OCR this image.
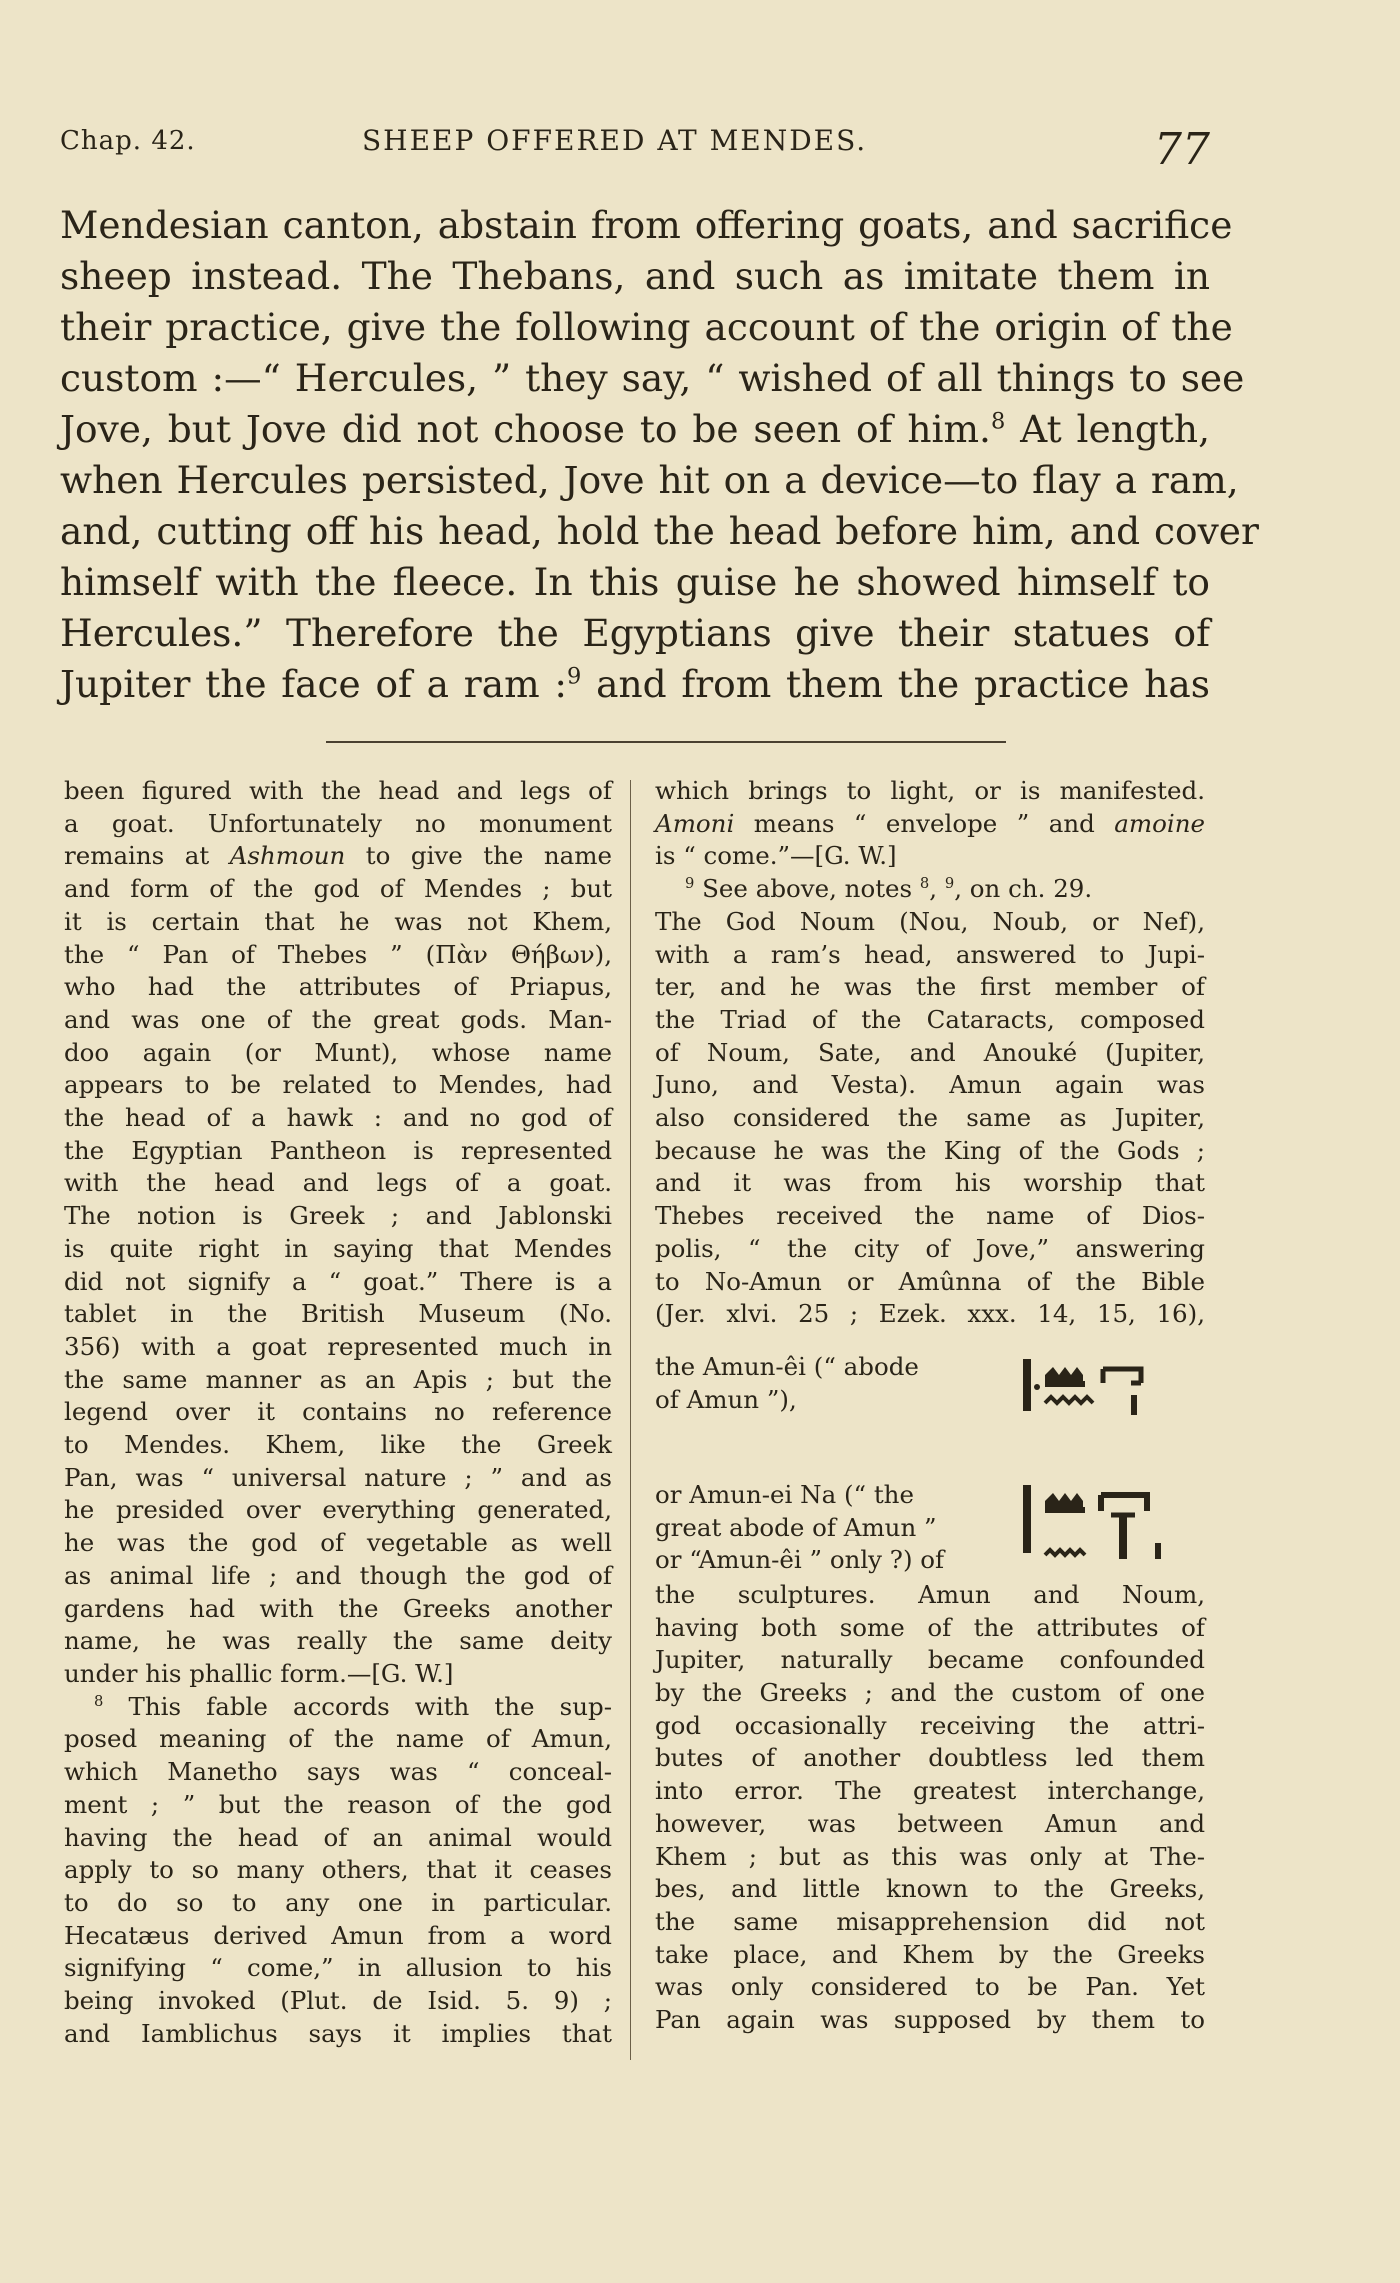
Chap. 42.	SHEEP OFFERED AT MENDES.	77
Mendesian canton, abstain from offering goats, and sacrifice
sheep instead. The Thebans, and such as imitate them in
their practice, give the following account of the origin of the
custom :—“ Hercules, ” they say, “ wished of all things to see
Jove, but Jove did not choose to be seen of him.$^8$ At length,
when Hercules persisted, Jove hit on a device—to flay a ram,
and, cutting off his head, hold the head before him, and cover
himself with the fleece. In this guise he showed himself to
Hercules.” Therefore the Egyptians give their statues of
Jupiter the face of a ram :$^9$ and from them the practice has
been figured with the head and legs of
a goat. Unfortunately no monument
remains at Ashmoun to give the name
and form of the god of Mendes ; but
it is certain that he was not Khem,
the “ Pan of Thebes ” (Πὰν Θήβων),
who had the attributes of Priapus,
and was one of the great gods. Man-
doo again (or Munt), whose name
appears to be related to Mendes, had
the head of a hawk : and no god of
the Egyptian Pantheon is represented
with the head and legs of a goat.
The notion is Greek ; and Jablonski
is quite right in saying that Mendes
did not signify a “ goat.” There is a
tablet in the British Museum (No.
356) with a goat represented much in
the same manner as an Apis ; but the
legend over it contains no reference
to Mendes. Khem, like the Greek
Pan, was “ universal nature ; ” and as
he presided over everything generated,
he was the god of vegetable as well
as animal life ; and though the god of
gardens had with the Greeks another
name, he was really the same deity
under his phallic form.—[G. W.]
$^8$ This fable accords with the sup-
posed meaning of the name of Amun,
which Manetho says was “ conceal-
ment ; ” but the reason of the god
having the head of an animal would
apply to so many others, that it ceases
to do so to any one in particular.
Hecatæus derived Amun from a word
signifying “ come,” in allusion to his
being invoked (Plut. de Isid. 5. 9) ;
and Iamblichus says it implies that
which brings to light, or is manifested.
Amoni means “ envelope ” and amoine
is “ come.”—[G. W.]
$^9$ See above, notes $^8$, $^9$, on ch. 29.
The God Noum (Nou, Noub, or Nef),
with a ram’s head, answered to Jupi-
ter, and he was the first member of
the Triad of the Cataracts, composed
of Noum, Sate, and Anouké (Jupiter,
Juno, and Vesta). Amun again was
also considered the same as Jupiter,
because he was the King of the Gods ;
and it was from his worship that
Thebes received the name of Dios-
polis, “ the city of Jove,” answering
to No-Amun or Amûnna of the Bible
(Jer. xlvi. 25 ; Ezek. xxx. 14, 15, 16),
the Amun-êi (“ abode
of Amun ”),
or Amun-ei Na (“ the
great abode of Amun ”
or “Amun-êi ” only ?) of
the sculptures. Amun and Noum,
having both some of the attributes of
Jupiter, naturally became confounded
by the Greeks ; and the custom of one
god occasionally receiving the attri-
butes of another doubtless led them
into error. The greatest interchange,
however, was between Amun and
Khem ; but as this was only at The-
bes, and little known to the Greeks,
the same misapprehension did not
take place, and Khem by the Greeks
was only considered to be Pan. Yet
Pan again was supposed by them to
